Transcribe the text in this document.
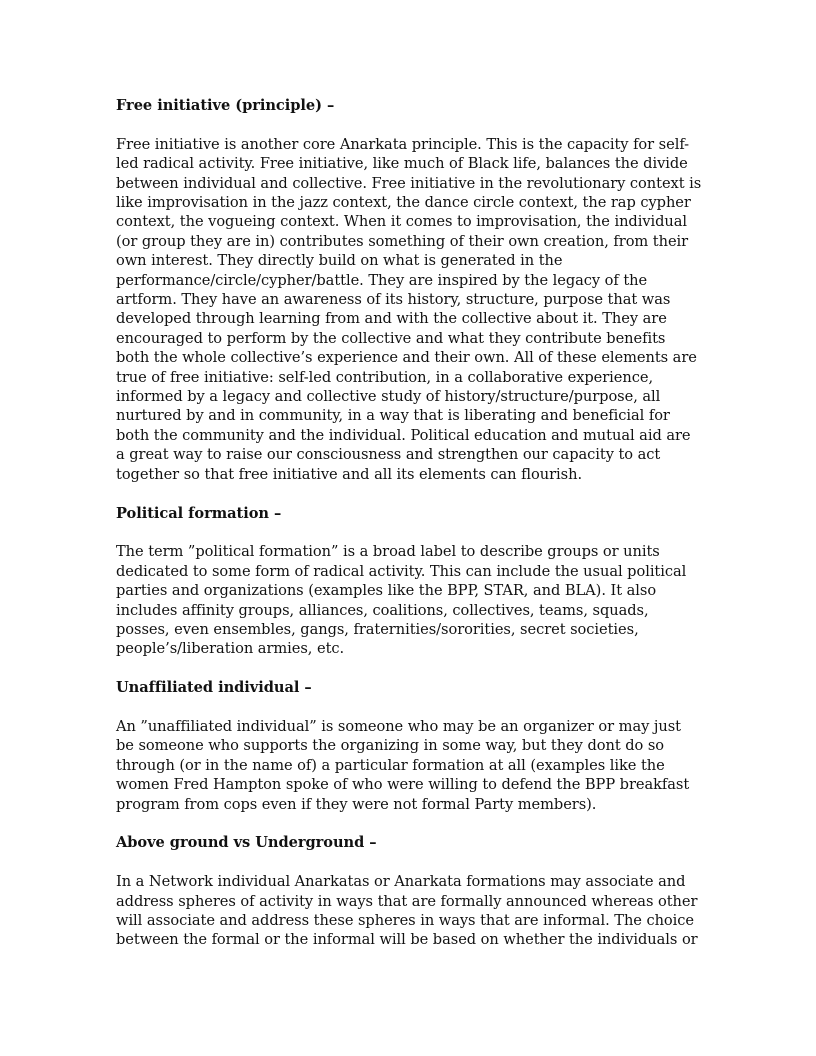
Free initiative (principle) –
Free initiative is another core Anarkata principle. This is the capacity for self-led radical activity. Free initiative, like much of Black life, balances the divide between individual and collective. Free initiative in the revolutionary context is like improvisation in the jazz context, the dance circle context, the rap cypher context, the vogueing context. When it comes to improvisation, the individual (or group they are in) contributes something of their own creation, from their own interest. They directly build on what is generated in the performance/circle/cypher/battle. They are inspired by the legacy of the artform. They have an awareness of its history, structure, purpose that was developed through learning from and with the collective about it. They are encouraged to perform by the collective and what they contribute benefits both the whole collective’s experience and their own. All of these elements are true of free initiative: self-led contribution, in a collaborative experience, informed by a legacy and collective study of history/structure/purpose, all nurtured by and in community, in a way that is liberating and beneficial for both the community and the individual. Political education and mutual aid are a great way to raise our consciousness and strengthen our capacity to act together so that free initiative and all its elements can flourish.
Political formation –
The term ”political formation” is a broad label to describe groups or units dedicated to some form of radical activity. This can include the usual political parties and organizations (examples like the BPP, STAR, and BLA). It also includes affinity groups, alliances, coalitions, collectives, teams, squads, posses, even ensembles, gangs, fraternities/sororities, secret societies, people’s/liberation armies, etc.
Unaffiliated individual –
An ”unaffiliated individual” is someone who may be an organizer or may just be someone who supports the organizing in some way, but they dont do so through (or in the name of) a particular formation at all (examples like the women Fred Hampton spoke of who were willing to defend the BPP breakfast program from cops even if they were not formal Party members).
Above ground vs Underground –
In a Network individual Anarkatas or Anarkata formations may associate and address spheres of activity in ways that are formally announced whereas other will associate and address these spheres in ways that are informal. The choice between the formal or the informal will be based on whether the individuals or
